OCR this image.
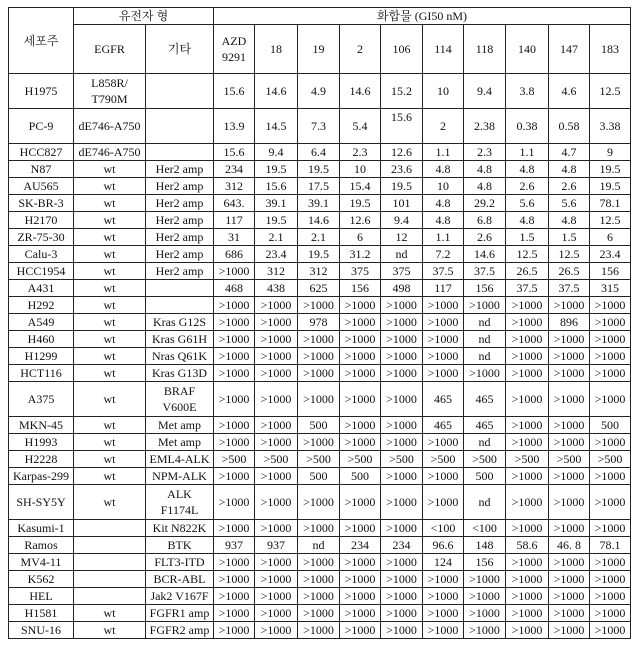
세포주	유전자 형	화합물 (GI50 nM)
EGFR	기타	AZD
9291	18	19	2	106	114	118	140	147	183
H1975	L858R/
T790M		15.6	14.6	4.9	14.6	15.2	10	9.4	3.8	4.6	12.5
PC-9	dE746-A750		13.9	14.5	7.3	5.4	15.6	2	2.38	0.38	0.58	3.38
HCC827	dE746-A750		15.6	9.4	6.4	2.3	12.6	1.1	2.3	1.1	4.7	9
N87	wt	Her2 amp	234	19.5	19.5	10	23.6	4.8	4.8	4.8	4.8	19.5
AU565	wt	Her2 amp	312	15.6	17.5	15.4	19.5	10	4.8	2.6	2.6	19.5
SK-BR-3	wt	Her2 amp	643.	39.1	39.1	19.5	101	4.8	29.2	5.6	5.6	78.1
H2170	wt	Her2 amp	117	19.5	14.6	12.6	9.4	4.8	6.8	4.8	4.8	12.5
ZR-75-30	wt	Her2 amp	31	2.1	2.1	6	12	1.1	2.6	1.5	1.5	6
Calu-3	wt	Her2 amp	686	23.4	19.5	31.2	nd	7.2	14.6	12.5	12.5	23.4
HCC1954	wt	Her2 amp	>1000	312	312	375	375	37.5	37.5	26.5	26.5	156
A431	wt		468	438	625	156	498	117	156	37.5	37.5	315
H292	wt		>1000	>1000	>1000	>1000	>1000	>1000	>1000	>1000	>1000	>1000
A549	wt	Kras G12S	>1000	>1000	978	>1000	>1000	>1000	nd	>1000	896	>1000
H460	wt	Kras G61H	>1000	>1000	>1000	>1000	>1000	>1000	nd	>1000	>1000	>1000
H1299	wt	Nras Q61K	>1000	>1000	>1000	>1000	>1000	>1000	nd	>1000	>1000	>1000
HCT116	wt	Kras G13D	>1000	>1000	>1000	>1000	>1000	>1000	>1000	>1000	>1000	>1000
A375	wt	BRAF
V600E	>1000	>1000	>1000	>1000	>1000	465	465	>1000	>1000	>1000
MKN-45	wt	Met amp	>1000	>1000	500	>1000	>1000	465	465	>1000	>1000	500
H1993	wt	Met amp	>1000	>1000	>1000	>1000	>1000	>1000	nd	>1000	>1000	>1000
H2228	wt	EML4-ALK	>500	>500	>500	>500	>500	>500	>500	>500	>500	>500
Karpas-299	wt	NPM-ALK	>1000	>1000	500	500	>1000	>1000	500	>1000	>1000	>1000
SH-SY5Y	wt	ALK
F1174L	>1000	>1000	>1000	>1000	>1000	>1000	nd	>1000	>1000	>1000
Kasumi-1		Kit N822K	>1000	>1000	>1000	>1000	>1000	<100	<100	>1000	>1000	>1000
Ramos		BTK	937	937	nd	234	234	96.6	148	58.6	46. 8	78.1
MV4-11		FLT3-ITD	>1000	>1000	>1000	>1000	>1000	124	156	>1000	>1000	>1000
K562		BCR-ABL	>1000	>1000	>1000	>1000	>1000	>1000	>1000	>1000	>1000	>1000
HEL		Jak2 V167F	>1000	>1000	>1000	>1000	>1000	>1000	>1000	>1000	>1000	>1000
H1581	wt	FGFR1 amp	>1000	>1000	>1000	>1000	>1000	>1000	>1000	>1000	>1000	>1000
SNU-16	wt	FGFR2 amp	>1000	>1000	>1000	>1000	>1000	>1000	>1000	>1000	>1000	>1000
